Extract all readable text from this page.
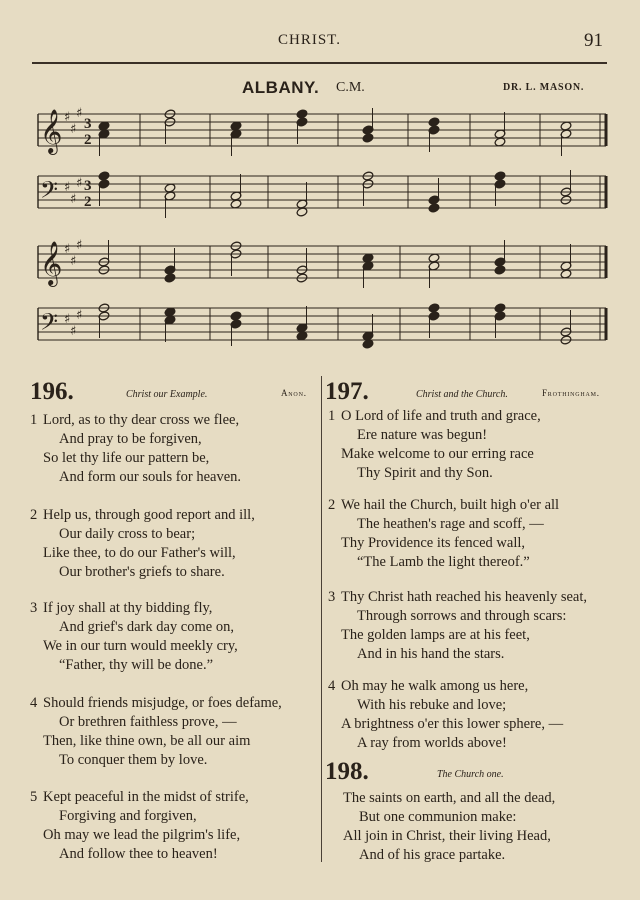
CHRIST.	91
ALBANY. C.M.	DR. L. MASON.
𝄞 ♯
♯
♯
3
2
𝄢 ♯
♯
♯ 3
2
𝄞 ♯
♯
♯
𝄢 ♯
♯
♯
196.	Christ our Example.	Anon.
1 Lord, as to thy dear cross we flee,
And pray to be forgiven,
So let thy life our pattern be,
And form our souls for heaven.
2 Help us, through good report and ill,
Our daily cross to bear;
Like thee, to do our Father's will,
Our brother's griefs to share.
3 If joy shall at thy bidding fly,
And grief's dark day come on,
We in our turn would meekly cry,
“Father, thy will be done.”
4 Should friends misjudge, or foes defame,
Or brethren faithless prove, —
Then, like thine own, be all our aim
To conquer them by love.
5 Kept peaceful in the midst of strife,
Forgiving and forgiven,
Oh may we lead the pilgrim's life,
And follow thee to heaven!
197.	Christ and the Church.	Frothingham.
1 O Lord of life and truth and grace,
Ere nature was begun!
Make welcome to our erring race
Thy Spirit and thy Son.
2 We hail the Church, built high o'er all
The heathen's rage and scoff, —
Thy Providence its fenced wall,
“The Lamb the light thereof.”
3 Thy Christ hath reached his heavenly seat,
Through sorrows and through scars:
The golden lamps are at his feet,
And in his hand the stars.
4 Oh may he walk among us here,
With his rebuke and love;
A brightness o'er this lower sphere, —
A ray from worlds above!
198.	The Church one.
The saints on earth, and all the dead,
But one communion make:
All join in Christ, their living Head,
And of his grace partake.
